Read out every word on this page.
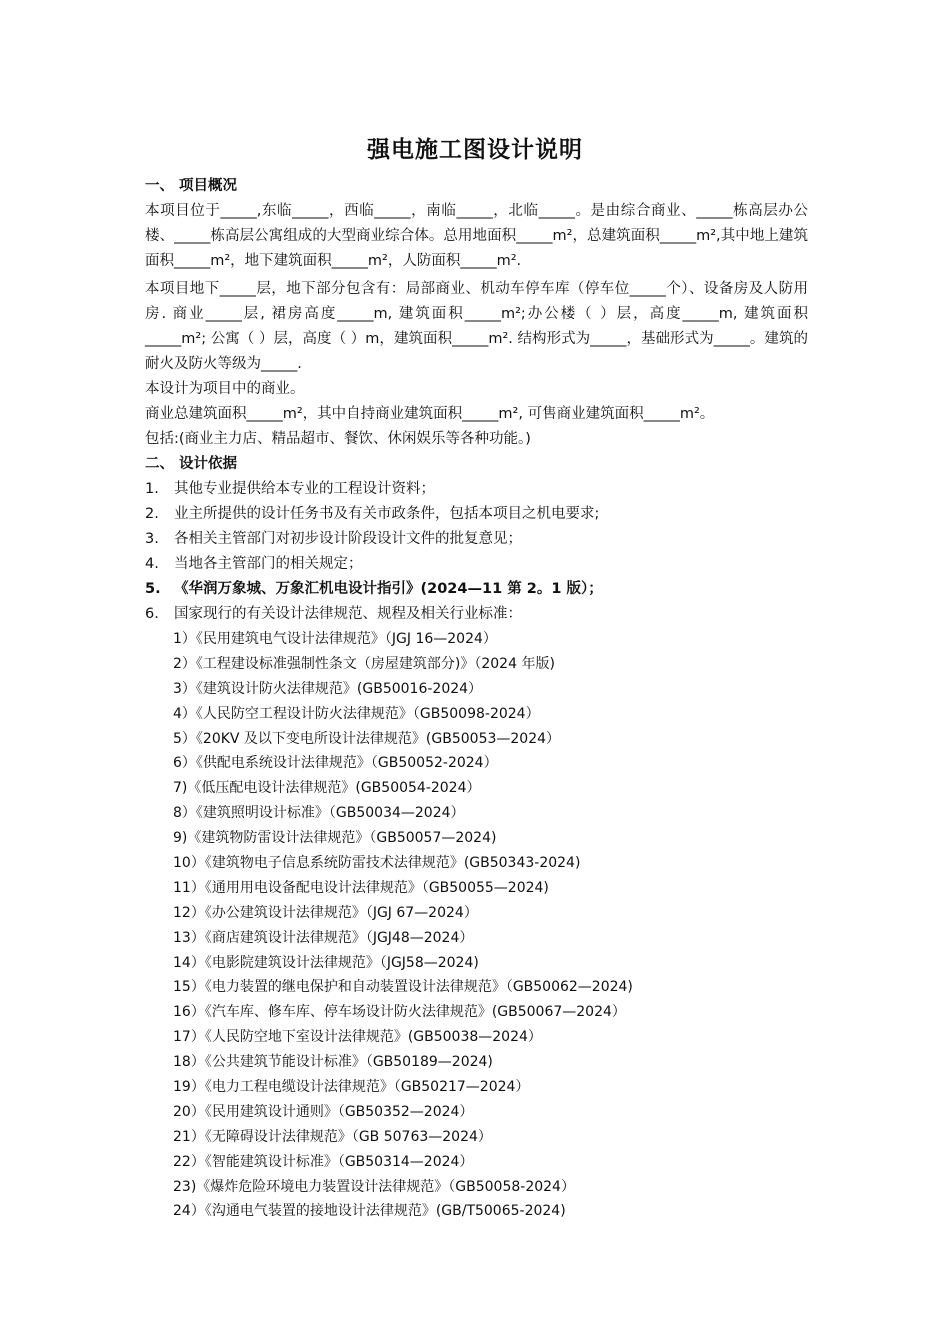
强电施工图设计说明
一、 项目概况

本项目位于_____,东临_____，西临_____，南临_____，北临_____。是由综合商业、_____栋高层办公楼、_____栋高层公寓组成的大型商业综合体。总用地面积_____m²，总建筑面积_____m²,其中地上建筑面积_____m²，地下建筑面积_____m²，人防面积_____m².

本项目地下_____层，地下部分包含有：局部商业、机动车停车库（停车位_____个）、设备房及人防用房. 商业_____层, 裙房高度_____m, 建筑面积_____m²;办公楼（ ）层，高度_____m, 建筑面积_____m²; 公寓（ ）层，高度（ ）m，建筑面积_____m². 结构形式为_____，基础形式为_____。建筑的耐火及防火等级为_____.

本设计为项目中的商业。

商业总建筑面积_____m²，其中自持商业建筑面积_____m², 可售商业建筑面积_____m²。

包括:(商业主力店、精品超市、餐饮、休闲娱乐等各种功能。)

二、 设计依据
1.	其他专业提供给本专业的工程设计资料；
2.	业主所提供的设计任务书及有关市政条件，包括本项目之机电要求;
3.	各相关主管部门对初步设计阶段设计文件的批复意见；
4.	当地各主管部门的相关规定；
5. 《华润万象城、万象汇机电设计指引》(2024—11 第 2。1 版）；
6.	国家现行的有关设计法律规范、规程及相关行业标准：
1）《民用建筑电气设计法律规范》（JGJ 16—2024）
2）《工程建设标准强制性条文（房屋建筑部分)》（2024 年版)
3）《建筑设计防火法律规范》(GB50016-2024）
4）《人民防空工程设计防火法律规范》（GB50098-2024）
5）《20KV 及以下变电所设计法律规范》(GB50053—2024）
6）《供配电系统设计法律规范》（GB50052-2024）
7)《低压配电设计法律规范》(GB50054-2024）
8）《建筑照明设计标准》（GB50034—2024）
9)《建筑物防雷设计法律规范》（GB50057—2024)
10）《建筑物电子信息系统防雷技术法律规范》(GB50343-2024)
11）《通用用电设备配电设计法律规范》（GB50055—2024)
12）《办公建筑设计法律规范》（JGJ 67—2024）
13）《商店建筑设计法律规范》（JGJ48—2024）
14）《电影院建筑设计法律规范》（JGJ58—2024)
15）《电力装置的继电保护和自动装置设计法律规范》（GB50062—2024)
16）《汽车库、修车库、停车场设计防火法律规范》(GB50067—2024）
17）《人民防空地下室设计法律规范》(GB50038—2024）
18）《公共建筑节能设计标准》（GB50189—2024)
19）《电力工程电缆设计法律规范》（GB50217—2024）
20）《民用建筑设计通则》（GB50352—2024）
21）《无障碍设计法律规范》（GB 50763—2024）
22）《智能建筑设计标准》（GB50314—2024）
23)《爆炸危险环境电力装置设计法律规范》（GB50058-2024）
24）《沟通电气装置的接地设计法律规范》(GB/T50065-2024)
